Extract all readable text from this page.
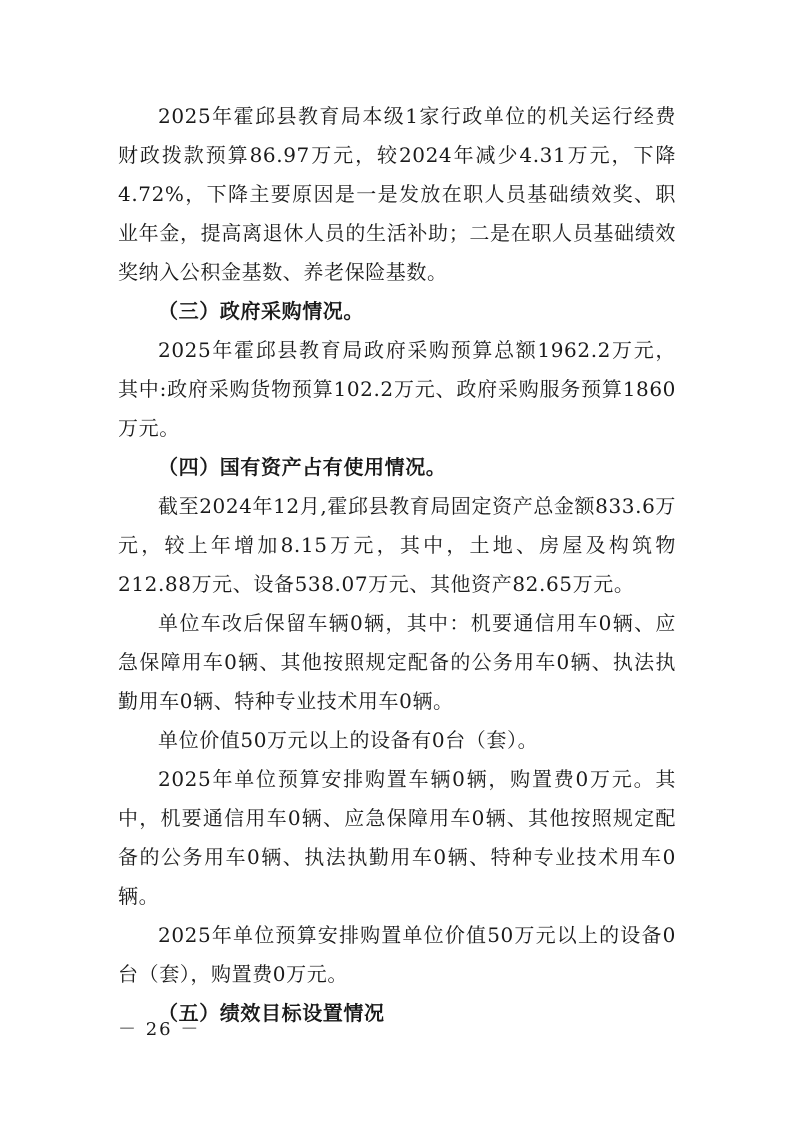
2025年霍邱县教育局本级1家行政单位的机关运行经费财政拨款预算86.97万元，较2024年减少4.31万元，下降4.72%，下降主要原因是一是发放在职人员基础绩效奖、职业年金，提高离退休人员的生活补助；二是在职人员基础绩效奖纳入公积金基数、养老保险基数。

（三）政府采购情况。

2025年霍邱县教育局政府采购预算总额1962.2万元，其中:政府采购货物预算102.2万元、政府采购服务预算1860万元。

（四）国有资产占有使用情况。

截至2024年12月,霍邱县教育局固定资产总金额833.6万元，较上年增加8.15万元，其中，土地、房屋及构筑物212.88万元、设备538.07万元、其他资产82.65万元。

单位车改后保留车辆0辆，其中：机要通信用车0辆、应急保障用车0辆、其他按照规定配备的公务用车0辆、执法执勤用车0辆、特种专业技术用车0辆。

单位价值50万元以上的设备有0台（套）。

2025年单位预算安排购置车辆0辆，购置费0万元。其中，机要通信用车0辆、应急保障用车0辆、其他按照规定配备的公务用车0辆、执法执勤用车0辆、特种专业技术用车0辆。

2025年单位预算安排购置单位价值50万元以上的设备0台（套），购置费0万元。

（五）绩效目标设置情况

－ 26 －
